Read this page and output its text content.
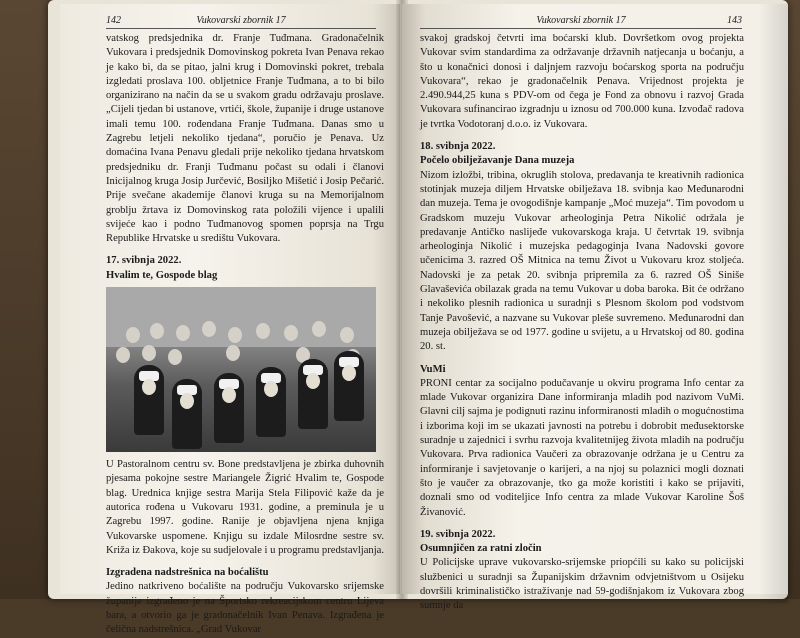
142	Vukovarski zbornik 17

vatskog predsjednika dr. Franje Tuđmana. Gradonačelnik Vukovara i predsjednik Domovinskog pokreta Ivan Penava rekao je kako bi, da se pitao, jalni krug i Domovinski pokret, trebala izgledati proslava 100. obljetnice Franje Tuđmana, a to bi bilo organizirano na način da se u svakom gradu održavaju proslave. „Cijeli tjedan bi ustanove, vrtići, škole, županije i druge ustanove imali temu 100. rođendana Franje Tuđmana. Danas smo u Zagrebu letjeli nekoliko tjedana“, poručio je Penava. Uz domaćina Ivana Penavu gledali prije nekoliko tjedana hrvatskom predsjedniku dr. Franji Tuđmanu počast su odali i članovi Inicijalnog kruga Josip Jurčević, Bosiljko Mišetić i Josip Pečarić. Prije svečane akademije članovi kruga su na Memorijalnom groblju žrtava iz Domovinskog rata položili vijence i upalili svijeće kao i podno Tuđmanovog spomen poprsja na Trgu Republike Hrvatske u središtu Vukovara.

17. svibnja 2022.

Hvalim te, Gospode blag

U Pastoralnom centru sv. Bone predstavljena je zbirka duhovnih pjesama pokojne sestre Mariangele Žigrić Hvalim te, Gospode blag. Urednica knjige sestra Marija Stela Filipović kaže da je autorica rođena u Vukovaru 1931. godine, a preminula je u Zagrebu 1997. godine. Ranije je objavljena njena knjiga Vukovarske uspomene. Knjigu su izdale Milosrdne sestre sv. Križa iz Đakova, koje su sudjelovale i u programu predstavljanja.

Izgradena nadstrešnica na boćalištu

Jedino natkriveno boćalište na području Vukovarsko srijemske županije izgrađeno je na Športsko rekreacijskom centru Lijeva bara, a otvorio ga je gradonačelnik Ivan Penava. Izgrađena je čelična nadstrešnica. „Grad Vukovar

143
Vukovarski zbornik 17

svakoj gradskoj četvrti ima boćarski klub. Dovršetkom ovog projekta Vukovar svim standardima za održavanje državnih natjecanja u boćanju, a što u konačnici donosi i daljnjem razvoju boćarskog sporta na području Vukovara“, rekao je gradonačelnik Penava. Vrijednost projekta je 2.490.944,25 kuna s PDV-om od čega je Fond za obnovu i razvoj Grada Vukovara sufinancirao izgradnju u iznosu od 700.000 kuna. Izvođač radova je tvrtka Vodotoranj d.o.o. iz Vukovara.

18. svibnja 2022.

Počelo obilježavanje Dana muzeja

Nizom izložbi, tribina, okruglih stolova, predavanja te kreativnih radionica stotinjak muzeja diljem Hrvatske obilježava 18. svibnja kao Međunarodni dan muzeja. Tema je ovogodišnje kampanje „Moć muzeja“. Tim povodom u Gradskom muzeju Vukovar arheologinja Petra Nikolić održala je predavanje Antičko naslijeđe vukovarskoga kraja. U četvrtak 19. svibnja arheologinja Nikolić i muzejska pedagoginja Ivana Nadovski govore učenicima 3. razred OŠ Mitnica na temu Život u Vukovaru kroz stoljeća. Nadovski je za petak 20. svibnja pripremila za 6. razred OŠ Siniše Glavaševića obilazak grada na temu Vukovar u doba baroka. Bit će održano i nekoliko plesnih radionica u suradnji s Plesnom školom pod vodstvom Tanje Pavošević, a nazvane su Vukovar pleše suvremeno. Međunarodni dan muzeja obilježava se od 1977. godine u svijetu, a u Hrvatskoj od 80. godina 20. st.

VuMi

PRONI centar za socijalno podučavanje u okviru programa Info centar za mlade Vukovar organizira Dane informiranja mladih pod nazivom VuMi. Glavni cilj sajma je podignuti razinu informiranosti mladih o mogućnostima i izborima koji im se ukazati javnosti na potrebu i dobrobit međusektorske suradnje u zajednici i svrhu razvoja kvalitetnijeg života mladih na području Vukovara. Prva radionica Vaučeri za obrazovanje održana je u Centru za informiranje i savjetovanje o karijeri, a na njoj su polaznici mogli doznati što je vaučer za obrazovanje, tko ga može koristiti i kako se prijaviti, doznali smo od voditeljice Info centra za mlade Vukovar Karoline Šoš Živanović.

19. svibnja 2022.

Osumnjičen za ratni zločin

U Policijske uprave vukovarsko-srijemske priopćili su kako su policijski službenici u suradnji sa Županijskim državnim odvjetništvom u Osijeku dovršili kriminalističko istraživanje nad 59-godišnjakom iz Vukovara zbog sumnje da
